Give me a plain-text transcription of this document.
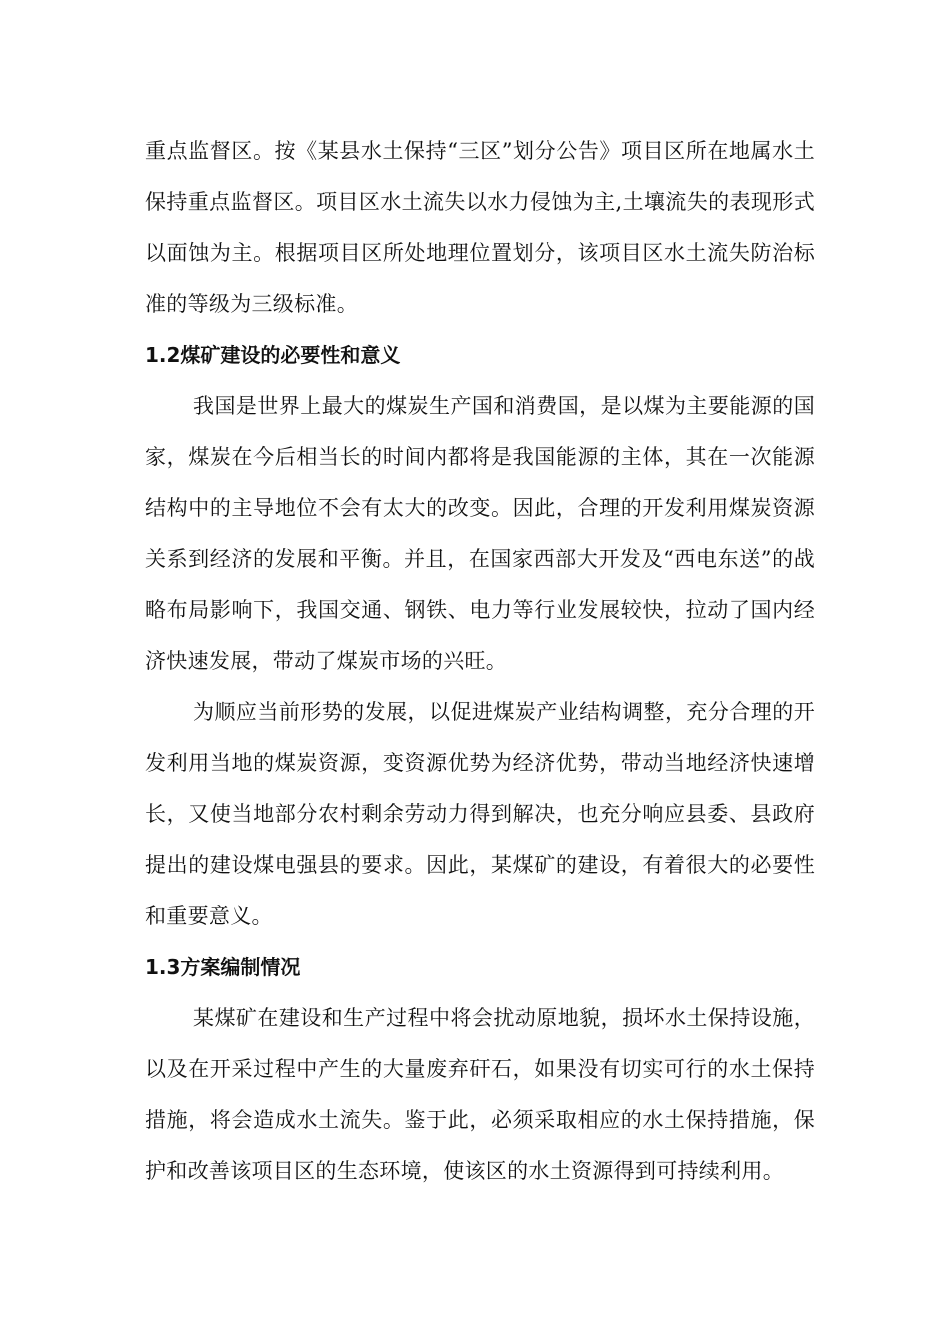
重点监督区。按《某县水土保持“三区”划分公告》项目区所在地属水土保持重点监督区。项目区水土流失以水力侵蚀为主,土壤流失的表现形式以面蚀为主。根据项目区所处地理位置划分，该项目区水土流失防治标准的等级为三级标准。

1.2煤矿建设的必要性和意义

我国是世界上最大的煤炭生产国和消费国，是以煤为主要能源的国家，煤炭在今后相当长的时间内都将是我国能源的主体，其在一次能源结构中的主导地位不会有太大的改变。因此，合理的开发利用煤炭资源关系到经济的发展和平衡。并且，在国家西部大开发及“西电东送”的战略布局影响下，我国交通、钢铁、电力等行业发展较快，拉动了国内经济快速发展，带动了煤炭市场的兴旺。

为顺应当前形势的发展，以促进煤炭产业结构调整，充分合理的开发利用当地的煤炭资源，变资源优势为经济优势，带动当地经济快速增长，又使当地部分农村剩余劳动力得到解决，也充分响应县委、县政府提出的建设煤电强县的要求。因此，某煤矿的建设，有着很大的必要性和重要意义。

1.3方案编制情况

某煤矿在建设和生产过程中将会扰动原地貌，损坏水土保持设施，以及在开采过程中产生的大量废弃矸石，如果没有切实可行的水土保持措施，将会造成水土流失。鉴于此，必须采取相应的水土保持措施，保护和改善该项目区的生态环境，使该区的水土资源得到可持续利用。
